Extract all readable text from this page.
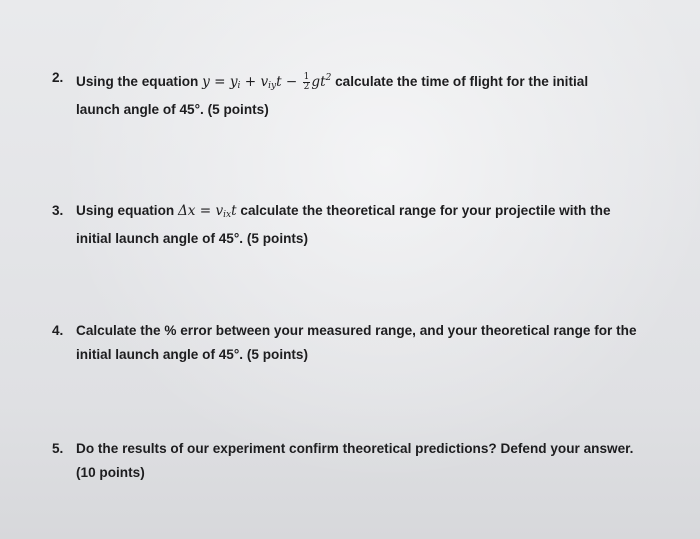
2. Using the equation $y = y_i + v_{iy}t - \frac{1}{2} gt^2$ calculate the time of flight for the initial
launch angle of 45°. (5 points)
3. Using equation $\Delta x = v_{ix}t$ calculate the theoretical range for your projectile with the
initial launch angle of 45°. (5 points)
4. Calculate the % error between your measured range, and your theoretical range for the
initial launch angle of 45°. (5 points)
5. Do the results of our experiment confirm theoretical predictions? Defend your answer.
(10 points)
